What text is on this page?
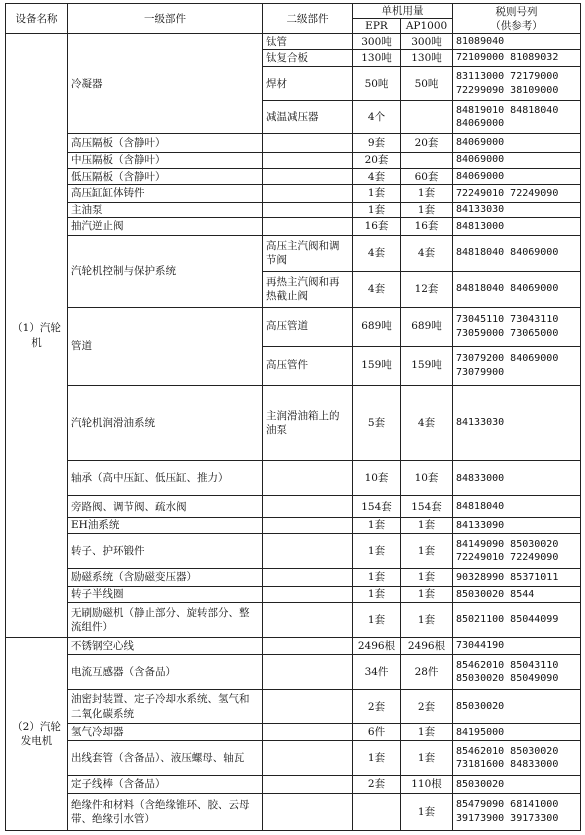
设备名称	一级部件	二级部件	单机用量		税则号列
（供参考）
			EPR	AP1000	
（1）汽轮机	冷凝器	钛管	300吨	300吨	81089040

		钛复合板	130吨	130吨	72109000 81089032

		焊材	50吨	50吨	83113000 72179000
72299090 38109000

		减温减压器	4个		84819010 84818040
84069000

	高压隔板（含静叶）		9套	20套	84069000

	中压隔板（含静叶）		20套		84069000

	低压隔板（含静叶）		4套	60套	84069000

	高压缸缸体铸件		1套	1套	72249010 72249090

	主油泵		1套	1套	84133030

	抽汽逆止阀		16套	16套	84813000

	汽轮机控制与保护系统	高压主汽阀和调节阀	4套	4套	84818040 84069000

		再热主汽阀和再热截止阀	4套	12套	84818040 84069000

	管道	高压管道	689吨	689吨	73045110 73043110
73059000 73065000

		高压管件	159吨	159吨	73079200 84069000
73079900

	汽轮机润滑油系统	主润滑油箱上的油泵	5套	4套	84133030

	轴承（高中压缸、低压缸、推力）		10套	10套	84833000

	旁路阀、调节阀、疏水阀		154套	154套	84818040

	EH油系统		1套	1套	84133090

	转子、护环锻件		1套	1套	84149090 85030020
72249010 72249090

	励磁系统（含励磁变压器）		1套	1套	90328990 85371011

	转子半线圈		1套	1套	85030020 8544

	无刷励磁机（静止部分、旋转部分、整流组件）		1套	1套	85021100 85044099

（2）汽轮发电机	不锈钢空心线		2496根	2496根	73044190

	电流互感器（含备品）		34件	28件	85462010 85043110
85030020 85049090

	油密封装置、定子冷却水系统、氢气和二氧化碳系统		2套	2套	85030020

	氢气冷却器		6件	1套	84195000

	出线套管（含备品）、液压螺母、轴瓦		1套	1套	85462010 85030020
73181600 84833000

	定子线棒（含备品）		2套	110根	85030020

	绝缘件和材料（含绝缘锥环、胶、云母带、绝缘引水管）			1套	85479090 68141000
39173900 39173300
